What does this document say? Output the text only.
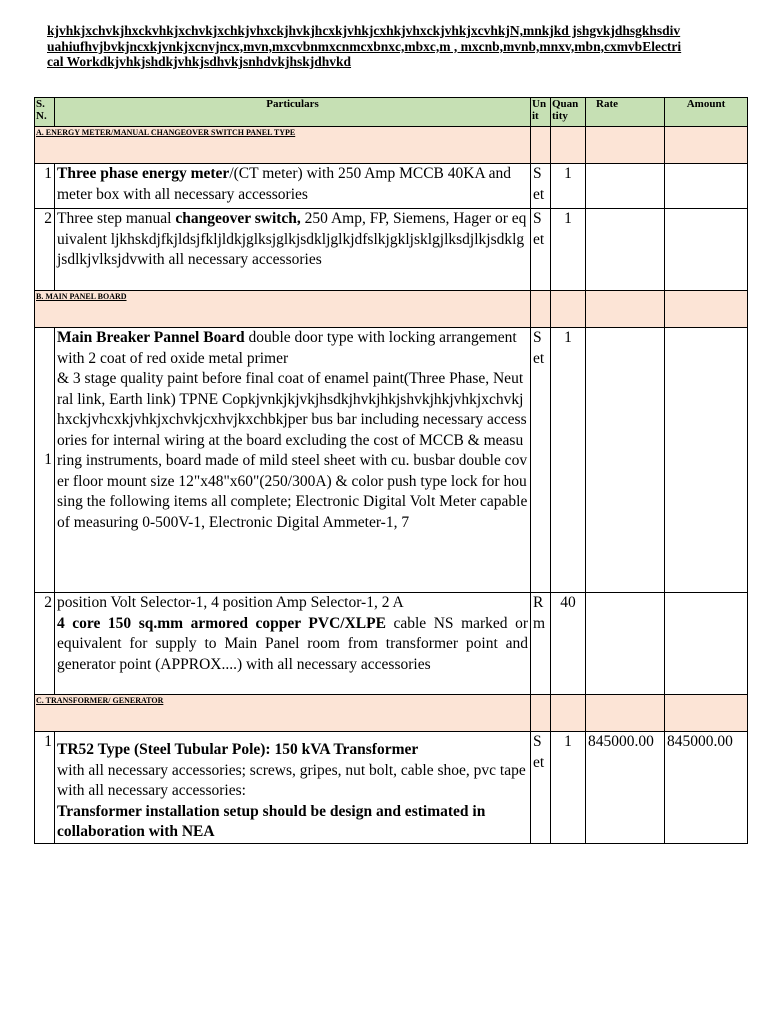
kjvhkjxchvkjhxckvhkjxchvkjxchkjvhxckjhvkjhcxkjvhkjcxhkjvhxckjvhkjxcvhkjN,mnkjkd jshgvkjdhsgkhsdivuahiufhvjbvkjncxkjvnkjxcnvjncx,mvn,mxcvbnmxcnmcxbnxc,mbxc,m , mxcnb,mvnb,mnxv,mbn,cxmvbElectrical Workdkjvhkjshdkjvhkjsdhvkjsnhdvkjhskjdhvkd

S. N.	Particulars	Un it	Quan tity	Rate	Amount
A. ENERGY METER/MANUAL CHANGEOVER SWITCH PANEL TYPE					
1	Three phase energy meter/(CT meter) with 250 Amp MCCB 40KA and meter box with all necessary accessories	S et	1		
2	Three step manual changeover switch, 250 Amp, FP, Siemens, Hager or equivalent ljkhskdjfkjldsjfkljldkjglksjglkjsdkljglkjdfslkjgkljsklgjlksdjlkjsdklgjsdlkjvlksjdvwith all necessary accessories	S et	1		
B. MAIN PANEL BOARD					
1	Main Breaker Pannel Board double door type with locking arrangement with 2 coat of red oxide metal primer
& 3 stage quality paint before final coat of enamel paint(Three Phase, Neutral link, Earth link) TPNE Copkjvnkjkjvkjhsdkjhvkjhkjshvkjhkjvhkjxchvkjhxckjvhcxkjvhkjxchvkjcxhvjkxchbkjper bus bar including necessary accessories for internal wiring at the board excluding the cost of MCCB & measuring instruments, board made of mild steel sheet with cu. busbar double cover floor mount size 12"x48"x60"(250/300A) & color push type lock for housing the following items all complete; Electronic Digital Volt Meter capable of measuring 0-500V-1, Electronic Digital Ammeter-1, 7	S et	1		
2	position Volt Selector-1, 4 position Amp Selector-1, 2 A
4 core 150 sq.mm armored copper PVC/XLPE cable NS marked or equivalent for supply to Main Panel room from transformer point and generator point (APPROX....) with all necessary accessories	R m	40		
C. TRANSFORMER/ GENERATOR					
1	TR52 Type (Steel Tubular Pole): 150 kVA Transformer
with all necessary accessories; screws, gripes, nut bolt, cable shoe, pvc tape with all necessary accessories:
Transformer installation setup should be design and estimated in collaboration with NEA	S et	1	845000.00	845000.00
